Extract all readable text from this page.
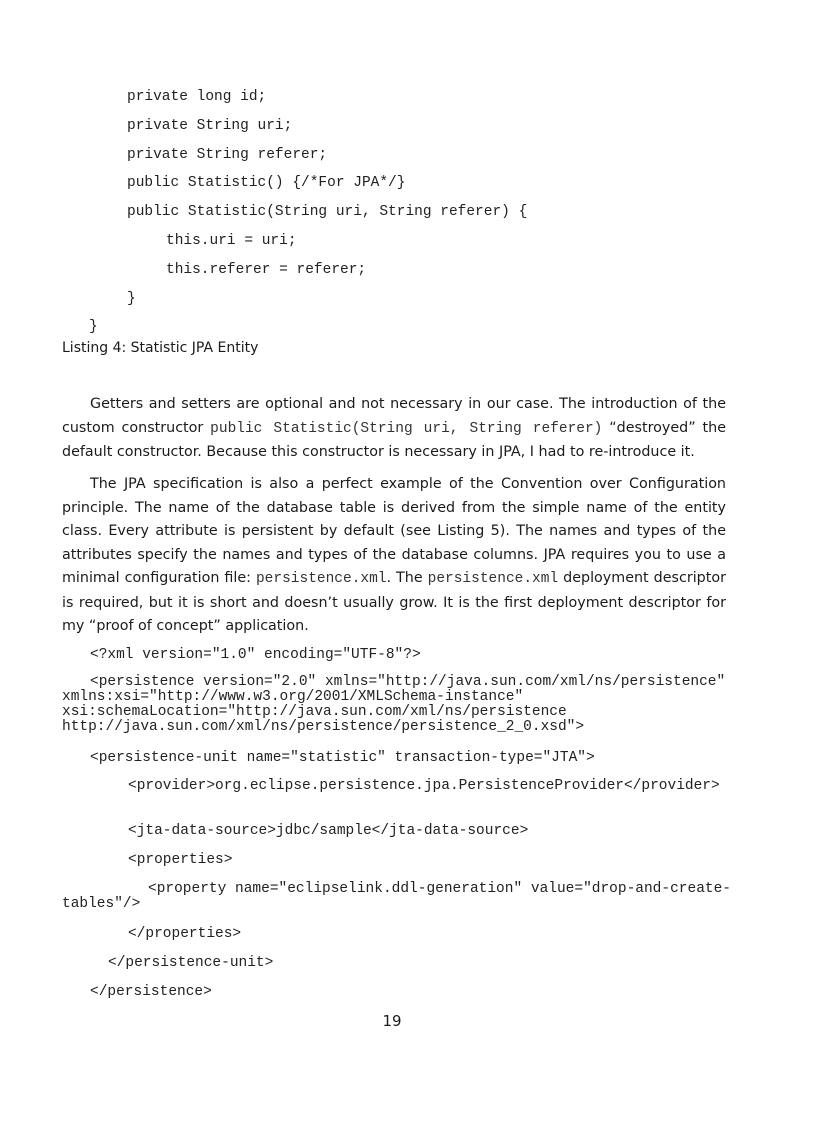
private long id;
private String uri;
private String referer;
public Statistic() {/*For JPA*/}
public Statistic(String uri, String referer) {
this.uri = uri;
this.referer = referer;
}
}
Listing 4: Statistic JPA Entity
Getters and setters are optional and not necessary in our case. The introduction of the custom constructor public Statistic(String uri, String referer) “destroyed” the default constructor. Because this constructor is necessary in JPA, I had to re-introduce it.
The JPA specification is also a perfect example of the Convention over Configuration principle. The name of the database table is derived from the simple name of the entity class. Every attribute is persistent by default (see Listing 5). The names and types of the attributes specify the names and types of the database columns. JPA requires you to use a minimal configuration file: persistence.xml. The persistence.xml deployment descriptor is required, but it is short and doesn’t usually grow. It is the first deployment descriptor for my “proof of concept” application.
<?xml version="1.0" encoding="UTF-8"?>
<persistence version="2.0" xmlns="http://java.sun.com/xml/ns/persistence" xmlns:xsi="http://www.w3.org/2001/XMLSchema-instance" xsi:schemaLocation="http://java.sun.com/xml/ns/persistence http://java.sun.com/xml/ns/persistence/persistence_2_0.xsd">
<persistence-unit name="statistic" transaction-type="JTA">
<provider>org.eclipse.persistence.jpa.PersistenceProvider</provider>
<jta-data-source>jdbc/sample</jta-data-source>
<properties>
<property name="eclipselink.ddl-generation" value="drop-and-create-tables"/>
</properties>
</persistence-unit>
</persistence>
19
